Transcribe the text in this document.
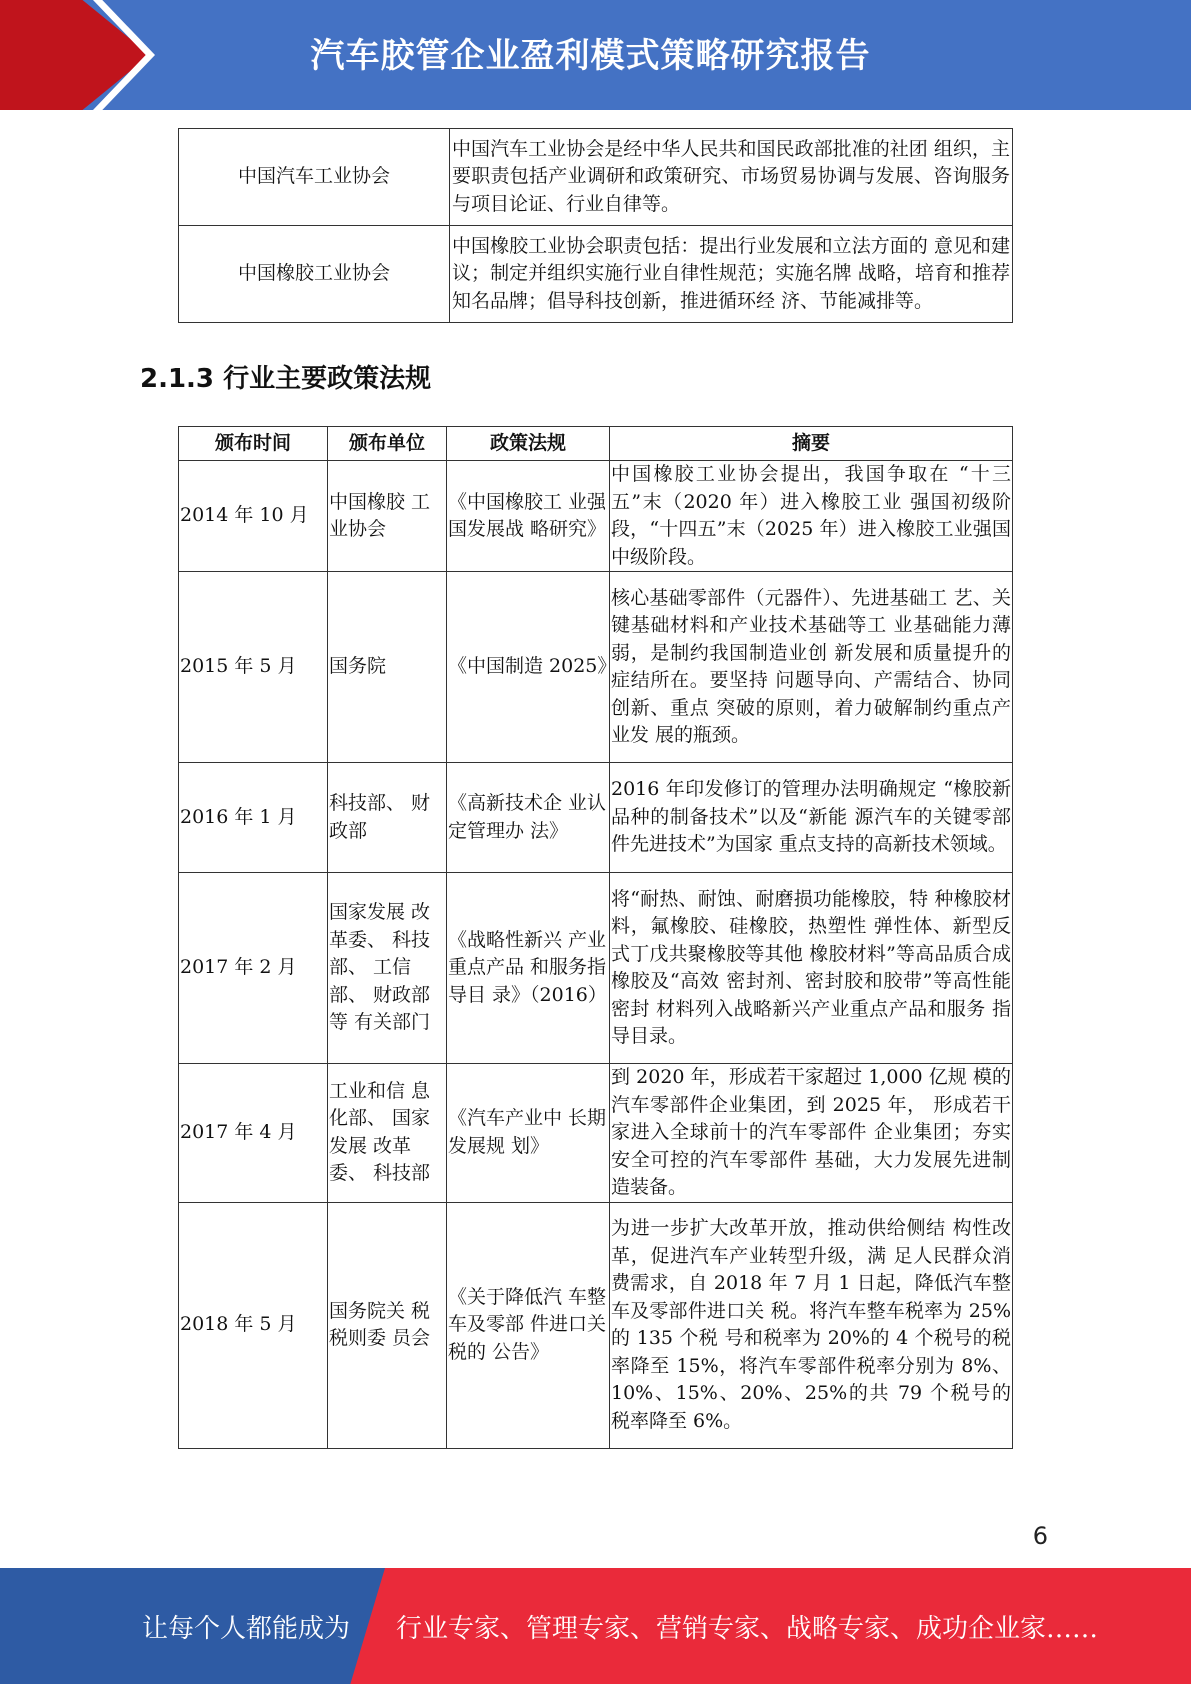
汽车胶管企业盈利模式策略研究报告
中国汽车工业协会	中国汽车工业协会是经中华人民共和国民政部批准的社团 组织，主要职责包括产业调研和政策研究、市场贸易协调与发展、咨询服务与项目论证、行业自律等。
中国橡胶工业协会	中国橡胶工业协会职责包括：提出行业发展和立法方面的 意见和建议；制定并组织实施行业自律性规范；实施名牌 战略，培育和推荐知名品牌；倡导科技创新，推进循环经 济、节能减排等。
2.1.3 行业主要政策法规
颁布时间	颁布单位	政策法规	摘要
2014 年 10 月	中国橡胶 工业协会	《中国橡胶工 业强国发展战 略研究》	中国橡胶工业协会提出，我国争取在 “十三五”末（2020 年）进入橡胶工业 强国初级阶段，“十四五”末（2025 年）进入橡胶工业强国中级阶段。
2015 年 5 月	国务院	《中国制造 2025》	核心基础零部件（元器件）、先进基础工 艺、关键基础材料和产业技术基础等工 业基础能力薄弱，是制约我国制造业创 新发展和质量提升的症结所在。要坚持 问题导向、产需结合、协同创新、重点 突破的原则，着力破解制约重点产业发 展的瓶颈。
2016 年 1 月	科技部、 财政部	《高新技术企 业认定管理办 法》	2016 年印发修订的管理办法明确规定 “橡胶新品种的制备技术”以及“新能 源汽车的关键零部件先进技术”为国家 重点支持的高新技术领域。
2017 年 2 月	国家发展 改革委、 科技部、 工信部、 财政部等 有关部门	《战略性新兴 产业重点产品 和服务指导目 录》（2016）	将“耐热、耐蚀、耐磨损功能橡胶，特 种橡胶材料，氟橡胶、硅橡胶，热塑性 弹性体、新型反式丁戊共聚橡胶等其他 橡胶材料”等高品质合成橡胶及“高效 密封剂、密封胶和胶带”等高性能密封 材料列入战略新兴产业重点产品和服务 指导目录。
2017 年 4 月	工业和信 息化部、 国家发展 改革委、 科技部	《汽车产业中 长期发展规 划》	到 2020 年，形成若干家超过 1,000 亿规 模的汽车零部件企业集团，到 2025 年， 形成若干家进入全球前十的汽车零部件 企业集团；夯实安全可控的汽车零部件 基础，大力发展先进制造装备。
2018 年 5 月	国务院关 税税则委 员会	《关于降低汽 车整车及零部 件进口关税的 公告》	为进一步扩大改革开放，推动供给侧结 构性改革，促进汽车产业转型升级，满 足人民群众消费需求，自 2018 年 7 月 1 日起，降低汽车整车及零部件进口关 税。将汽车整车税率为 25%的 135 个税 号和税率为 20%的 4 个税号的税率降至 15%，将汽车零部件税率分别为 8%、 10%、15%、20%、25%的共 79 个税号的 税率降至 6%。
6
让每个人都能成为 行业专家、管理专家、营销专家、战略专家、成功企业家……
